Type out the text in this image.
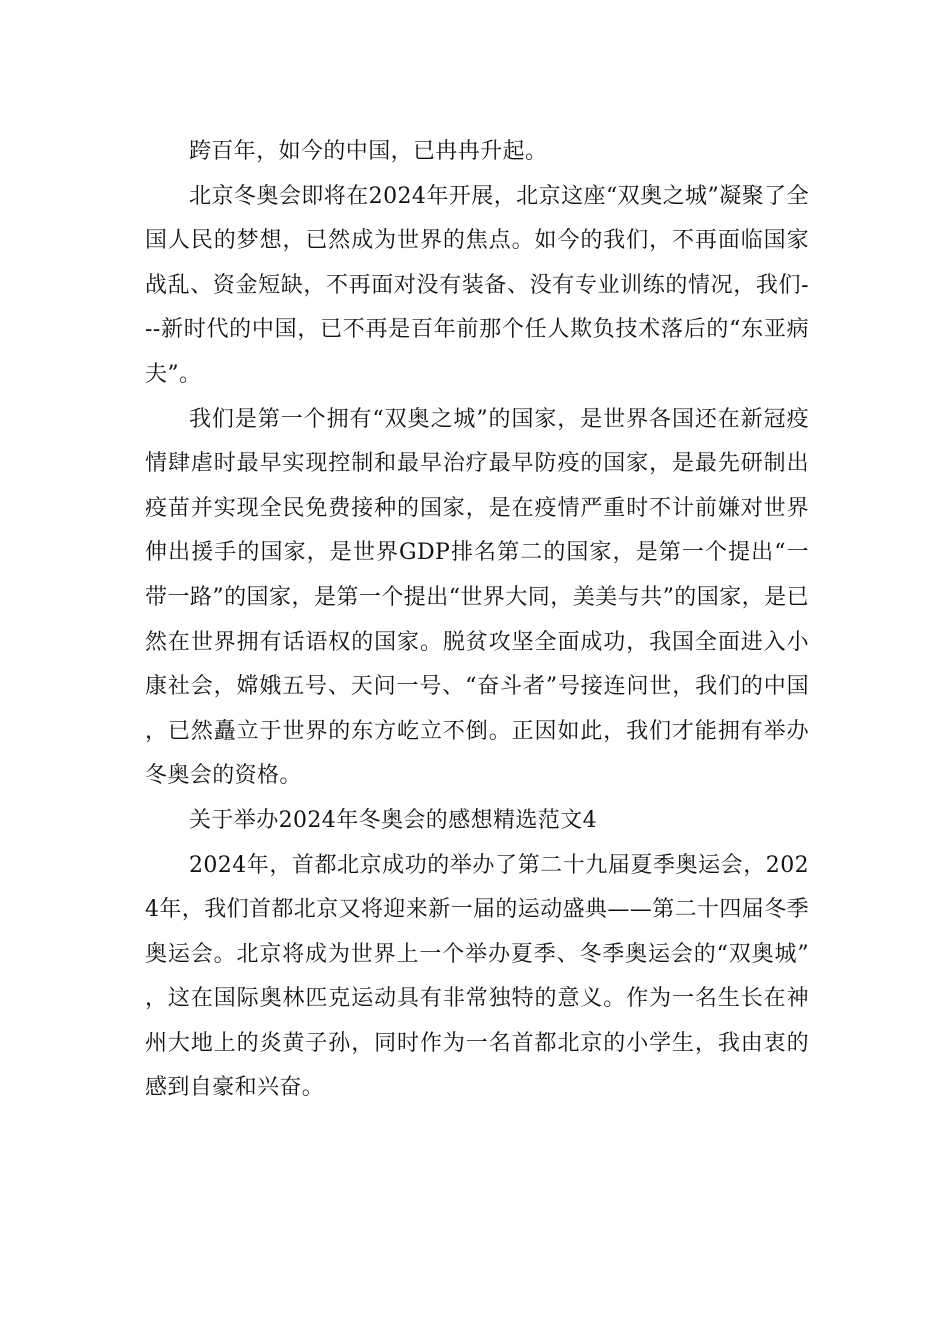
跨百年，如今的中国，已冉冉升起。

北京冬奥会即将在2024年开展，北京这座“双奥之城”凝聚了全国人民的梦想，已然成为世界的焦点。如今的我们，不再面临国家战乱、资金短缺，不再面对没有装备、没有专业训练的情况，我们---新时代的中国，已不再是百年前那个任人欺负技术落后的“东亚病夫”。

我们是第一个拥有“双奥之城”的国家，是世界各国还在新冠疫情肆虐时最早实现控制和最早治疗最早防疫的国家，是最先研制出疫苗并实现全民免费接种的国家，是在疫情严重时不计前嫌对世界伸出援手的国家，是世界GDP排名第二的国家，是第一个提出“一带一路”的国家，是第一个提出“世界大同，美美与共”的国家，是已然在世界拥有话语权的国家。脱贫攻坚全面成功，我国全面进入小康社会，嫦娥五号、天问一号、“奋斗者”号接连问世，我们的中国，已然矗立于世界的东方屹立不倒。正因如此，我们才能拥有举办冬奥会的资格。

关于举办2024年冬奥会的感想精选范文4

2024年，首都北京成功的举办了第二十九届夏季奥运会，2024年，我们首都北京又将迎来新一届的运动盛典——第二十四届冬季奥运会。北京将成为世界上一个举办夏季、冬季奥运会的“双奥城”，这在国际奥林匹克运动具有非常独特的意义。作为一名生长在神州大地上的炎黄子孙，同时作为一名首都北京的小学生，我由衷的感到自豪和兴奋。
